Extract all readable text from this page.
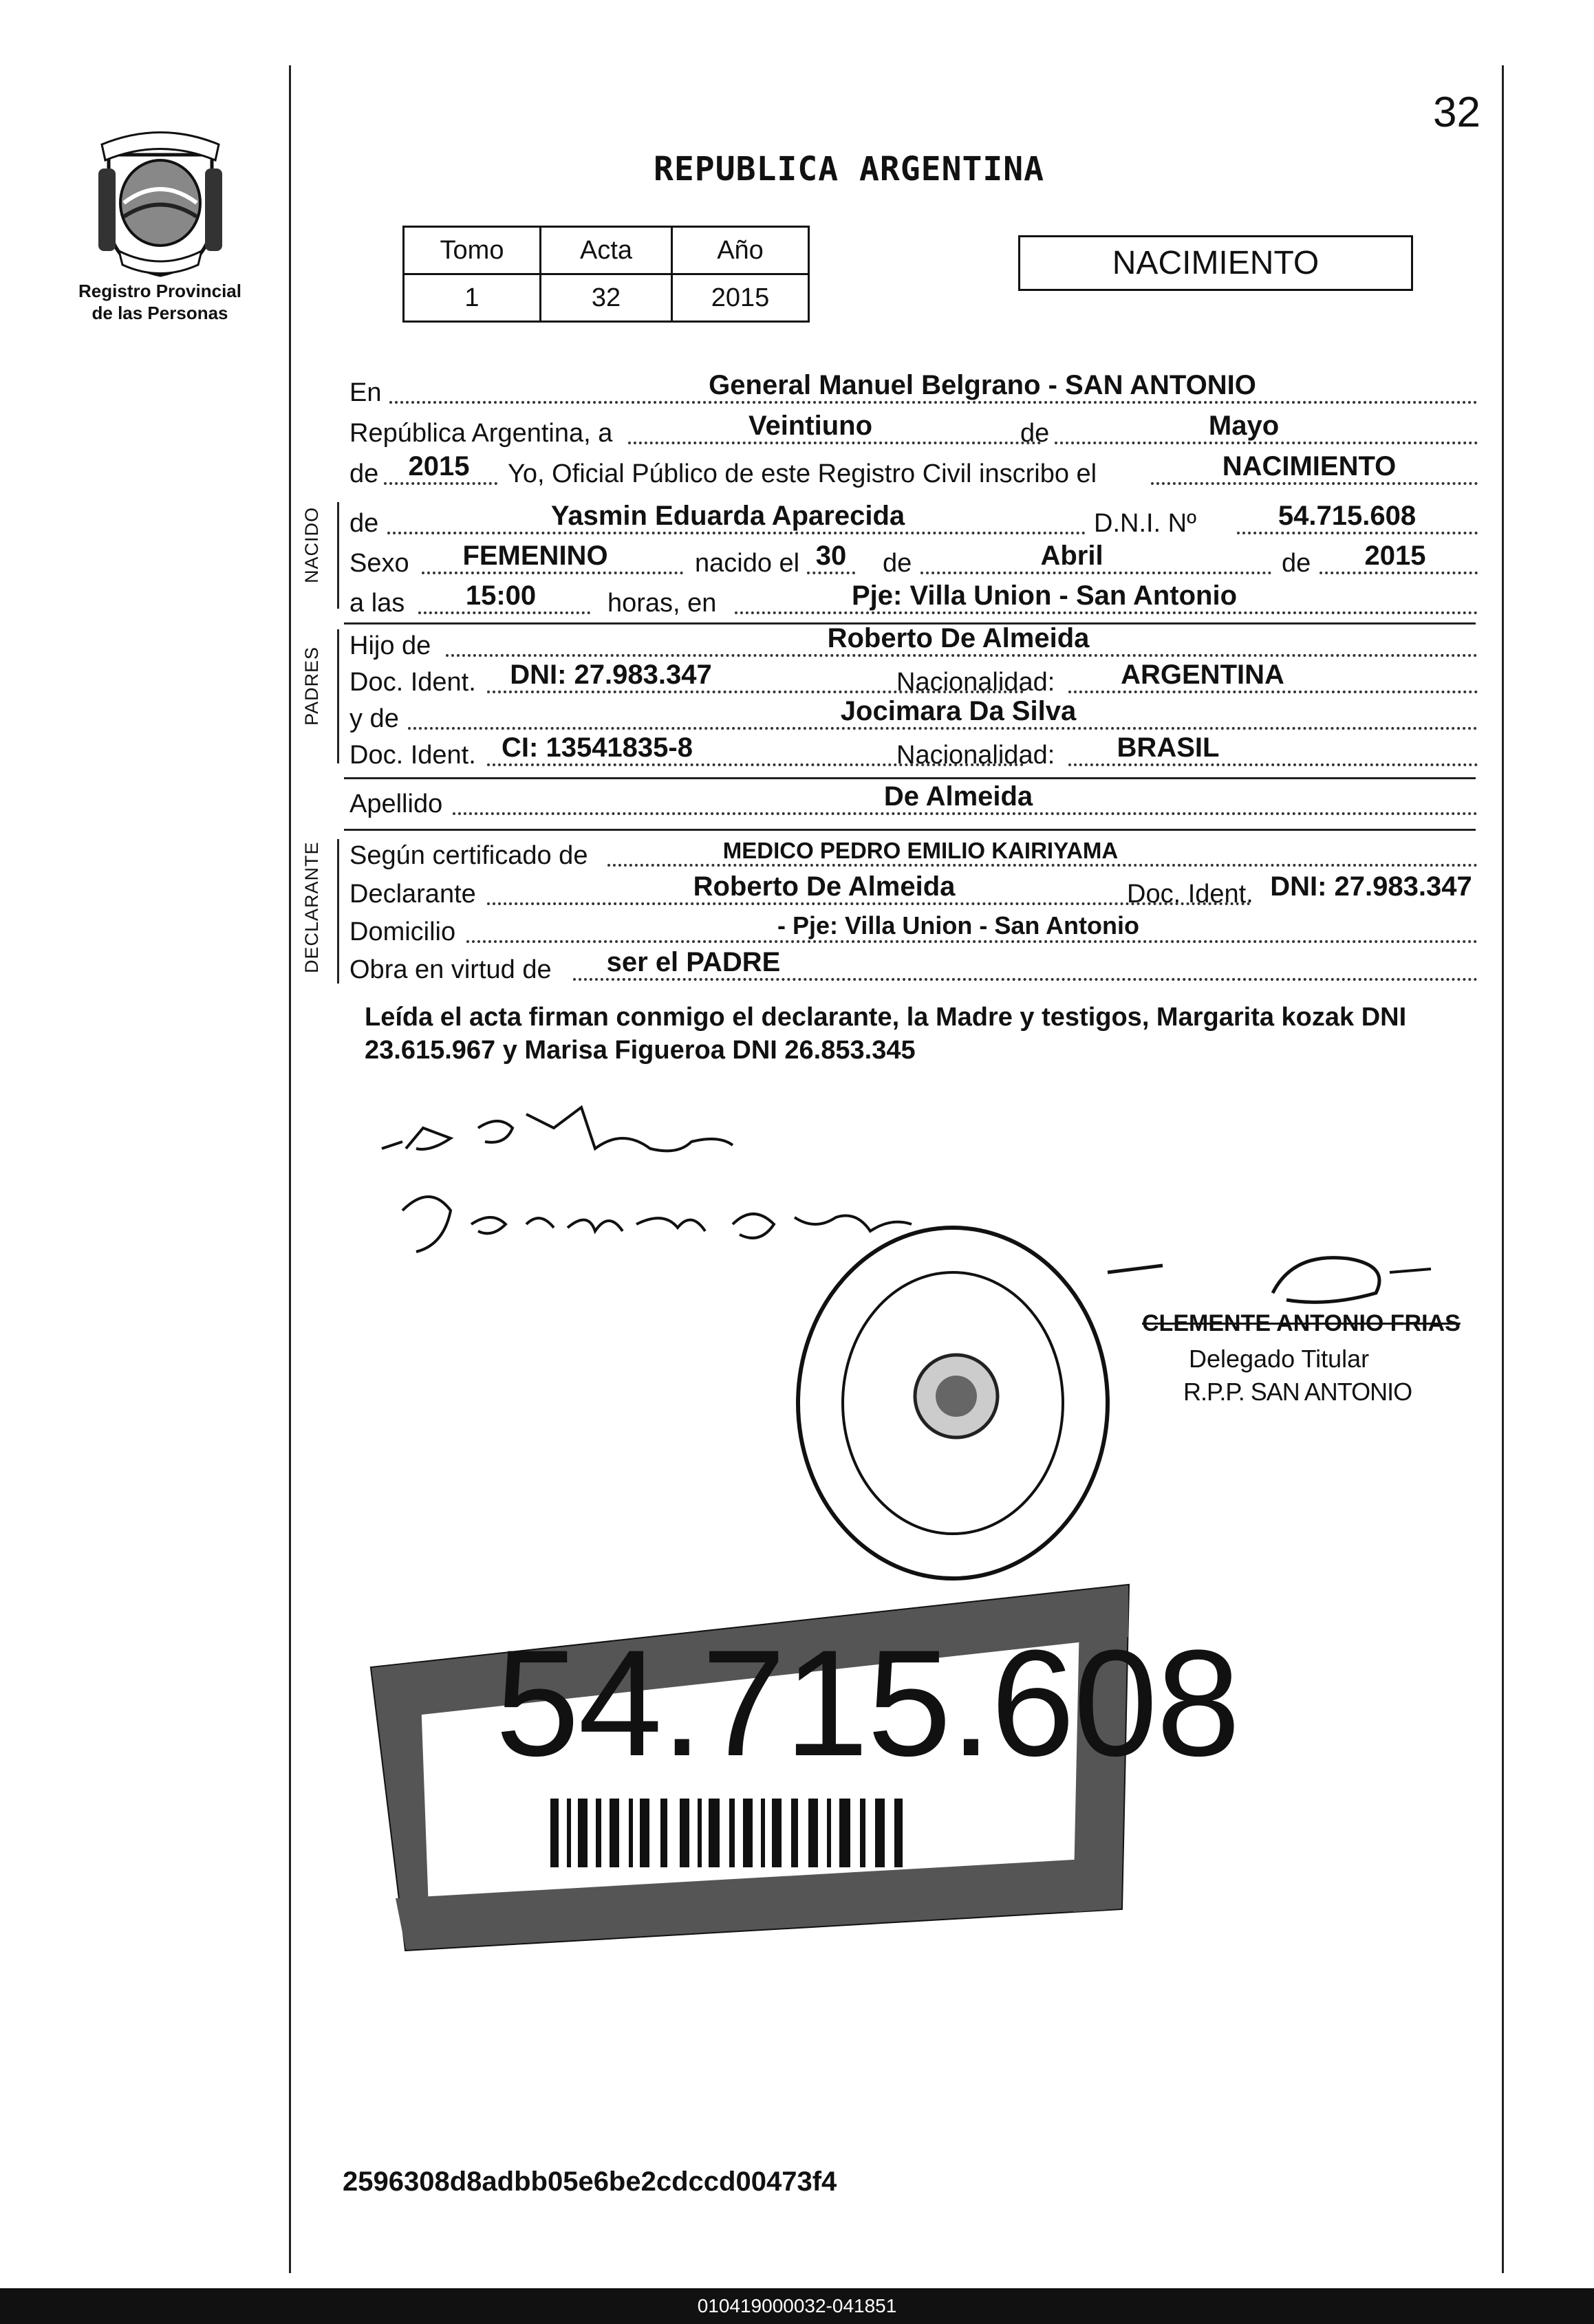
Registro Provincial
de las Personas
32
REPUBLICA ARGENTINA
Tomo	Acta	Año
1	32	2015
NACIMIENTO
En	General Manuel Belgrano - SAN ANTONIO
República Argentina, a	Veintiuno	de	Mayo
de	2015	Yo, Oficial Público de este Registro Civil inscribo el	NACIMIENTO
de	Yasmin Eduarda Aparecida	D.N.I. Nº	54.715.608
Sexo	FEMENINO	nacido el 30	de	Abril	de	2015
a las	15:00	horas, en	Pje: Villa Union - San Antonio
Hijo de	Roberto De Almeida
Doc. Ident.	DNI: 27.983.347	Nacionalidad:	ARGENTINA
y de	Jocimara Da Silva
Doc. Ident. CI: 13541835-8	Nacionalidad:	BRASIL
Apellido	De Almeida
Según certificado de	MEDICO PEDRO EMILIO KAIRIYAMA
Declarante	Roberto De Almeida	Doc. Ident. DNI: 27.983.347
Domicilio	- Pje: Villa Union - San Antonio
Obra en virtud de	ser el PADRE
NACIDO
PADRES
DECLARANTE
Leída el acta firman conmigo el declarante, la Madre y testigos, Margarita kozak DNI 23.615.967 y Marisa Figueroa DNI 26.853.345
CLEMENTE ANTONIO FRIAS
Delegado Titular
R.P.P. SAN ANTONIO
54.715.608
2596308d8adbb05e6be2cdccd00473f4
010419000032-041851
